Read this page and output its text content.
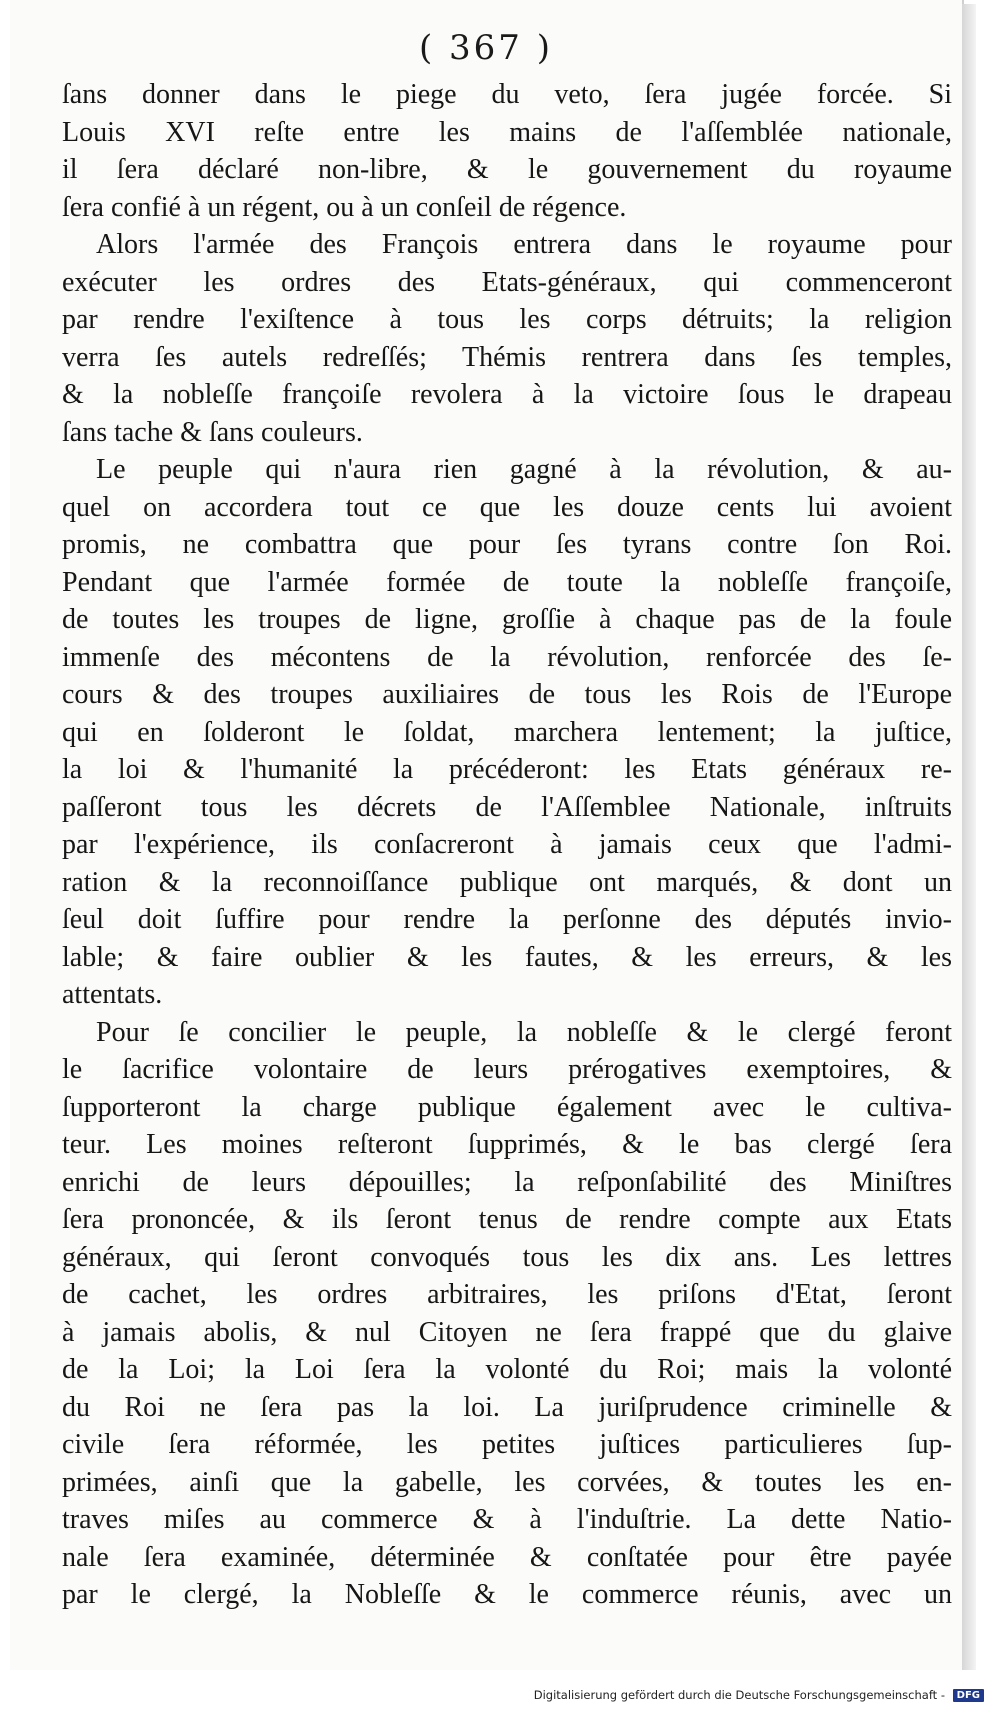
( 367 )
ſans donner dans le piege du veto, ſera jugée forcée. Si
Louis XVI reſte entre les mains de l'aſſemblée nationale,
il ſera déclaré non-libre, & le gouvernement du royaume
ſera confié à un régent, ou à un conſeil de régence.
Alors l'armée des François entrera dans le royaume pour
exécuter les ordres des Etats-généraux, qui commenceront
par rendre l'exiſtence à tous les corps détruits; la religion
verra ſes autels redreſſés; Thémis rentrera dans ſes temples,
& la nobleſſe françoiſe revolera à la victoire ſous le drapeau
ſans tache & ſans couleurs.
Le peuple qui n'aura rien gagné à la révolution, & au-
quel on accordera tout ce que les douze cents lui avoient
promis, ne combattra que pour ſes tyrans contre ſon Roi.
Pendant que l'armée formée de toute la nobleſſe françoiſe,
de toutes les troupes de ligne, groſſie à chaque pas de la foule
immenſe des mécontens de la révolution, renforcée des ſe-
cours & des troupes auxiliaires de tous les Rois de l'Europe
qui en ſolderont le ſoldat, marchera lentement; la juſtice,
la loi & l'humanité la précéderont: les Etats généraux re-
paſſeront tous les décrets de l'Aſſemblee Nationale, inſtruits
par l'expérience, ils conſacreront à jamais ceux que l'admi-
ration & la reconnoiſſance publique ont marqués, & dont un
ſeul doit ſuffire pour rendre la perſonne des députés invio-
lable; & faire oublier & les fautes, & les erreurs, & les
attentats.
Pour ſe concilier le peuple, la nobleſſe & le clergé feront
le ſacrifice volontaire de leurs prérogatives exemptoires, &
ſupporteront la charge publique également avec le cultiva-
teur. Les moines reſteront ſupprimés, & le bas clergé ſera
enrichi de leurs dépouilles; la reſponſabilité des Miniſtres
ſera prononcée, & ils ſeront tenus de rendre compte aux Etats
généraux, qui ſeront convoqués tous les dix ans. Les lettres
de cachet, les ordres arbitraires, les priſons d'Etat, ſeront
à jamais abolis, & nul Citoyen ne ſera frappé que du glaive
de la Loi; la Loi ſera la volonté du Roi; mais la volonté
du Roi ne ſera pas la loi. La juriſprudence criminelle &
civile ſera réformée, les petites juſtices particulieres ſup-
primées, ainſi que la gabelle, les corvées, & toutes les en-
traves miſes au commerce & à l'induſtrie. La dette Natio-
nale ſera examinée, déterminée & conſtatée pour être payée
par le clergé, la Nobleſſe & le commerce réunis, avec un
Digitalisierung gefördert durch die Deutsche Forschungsgemeinschaft - DFG
